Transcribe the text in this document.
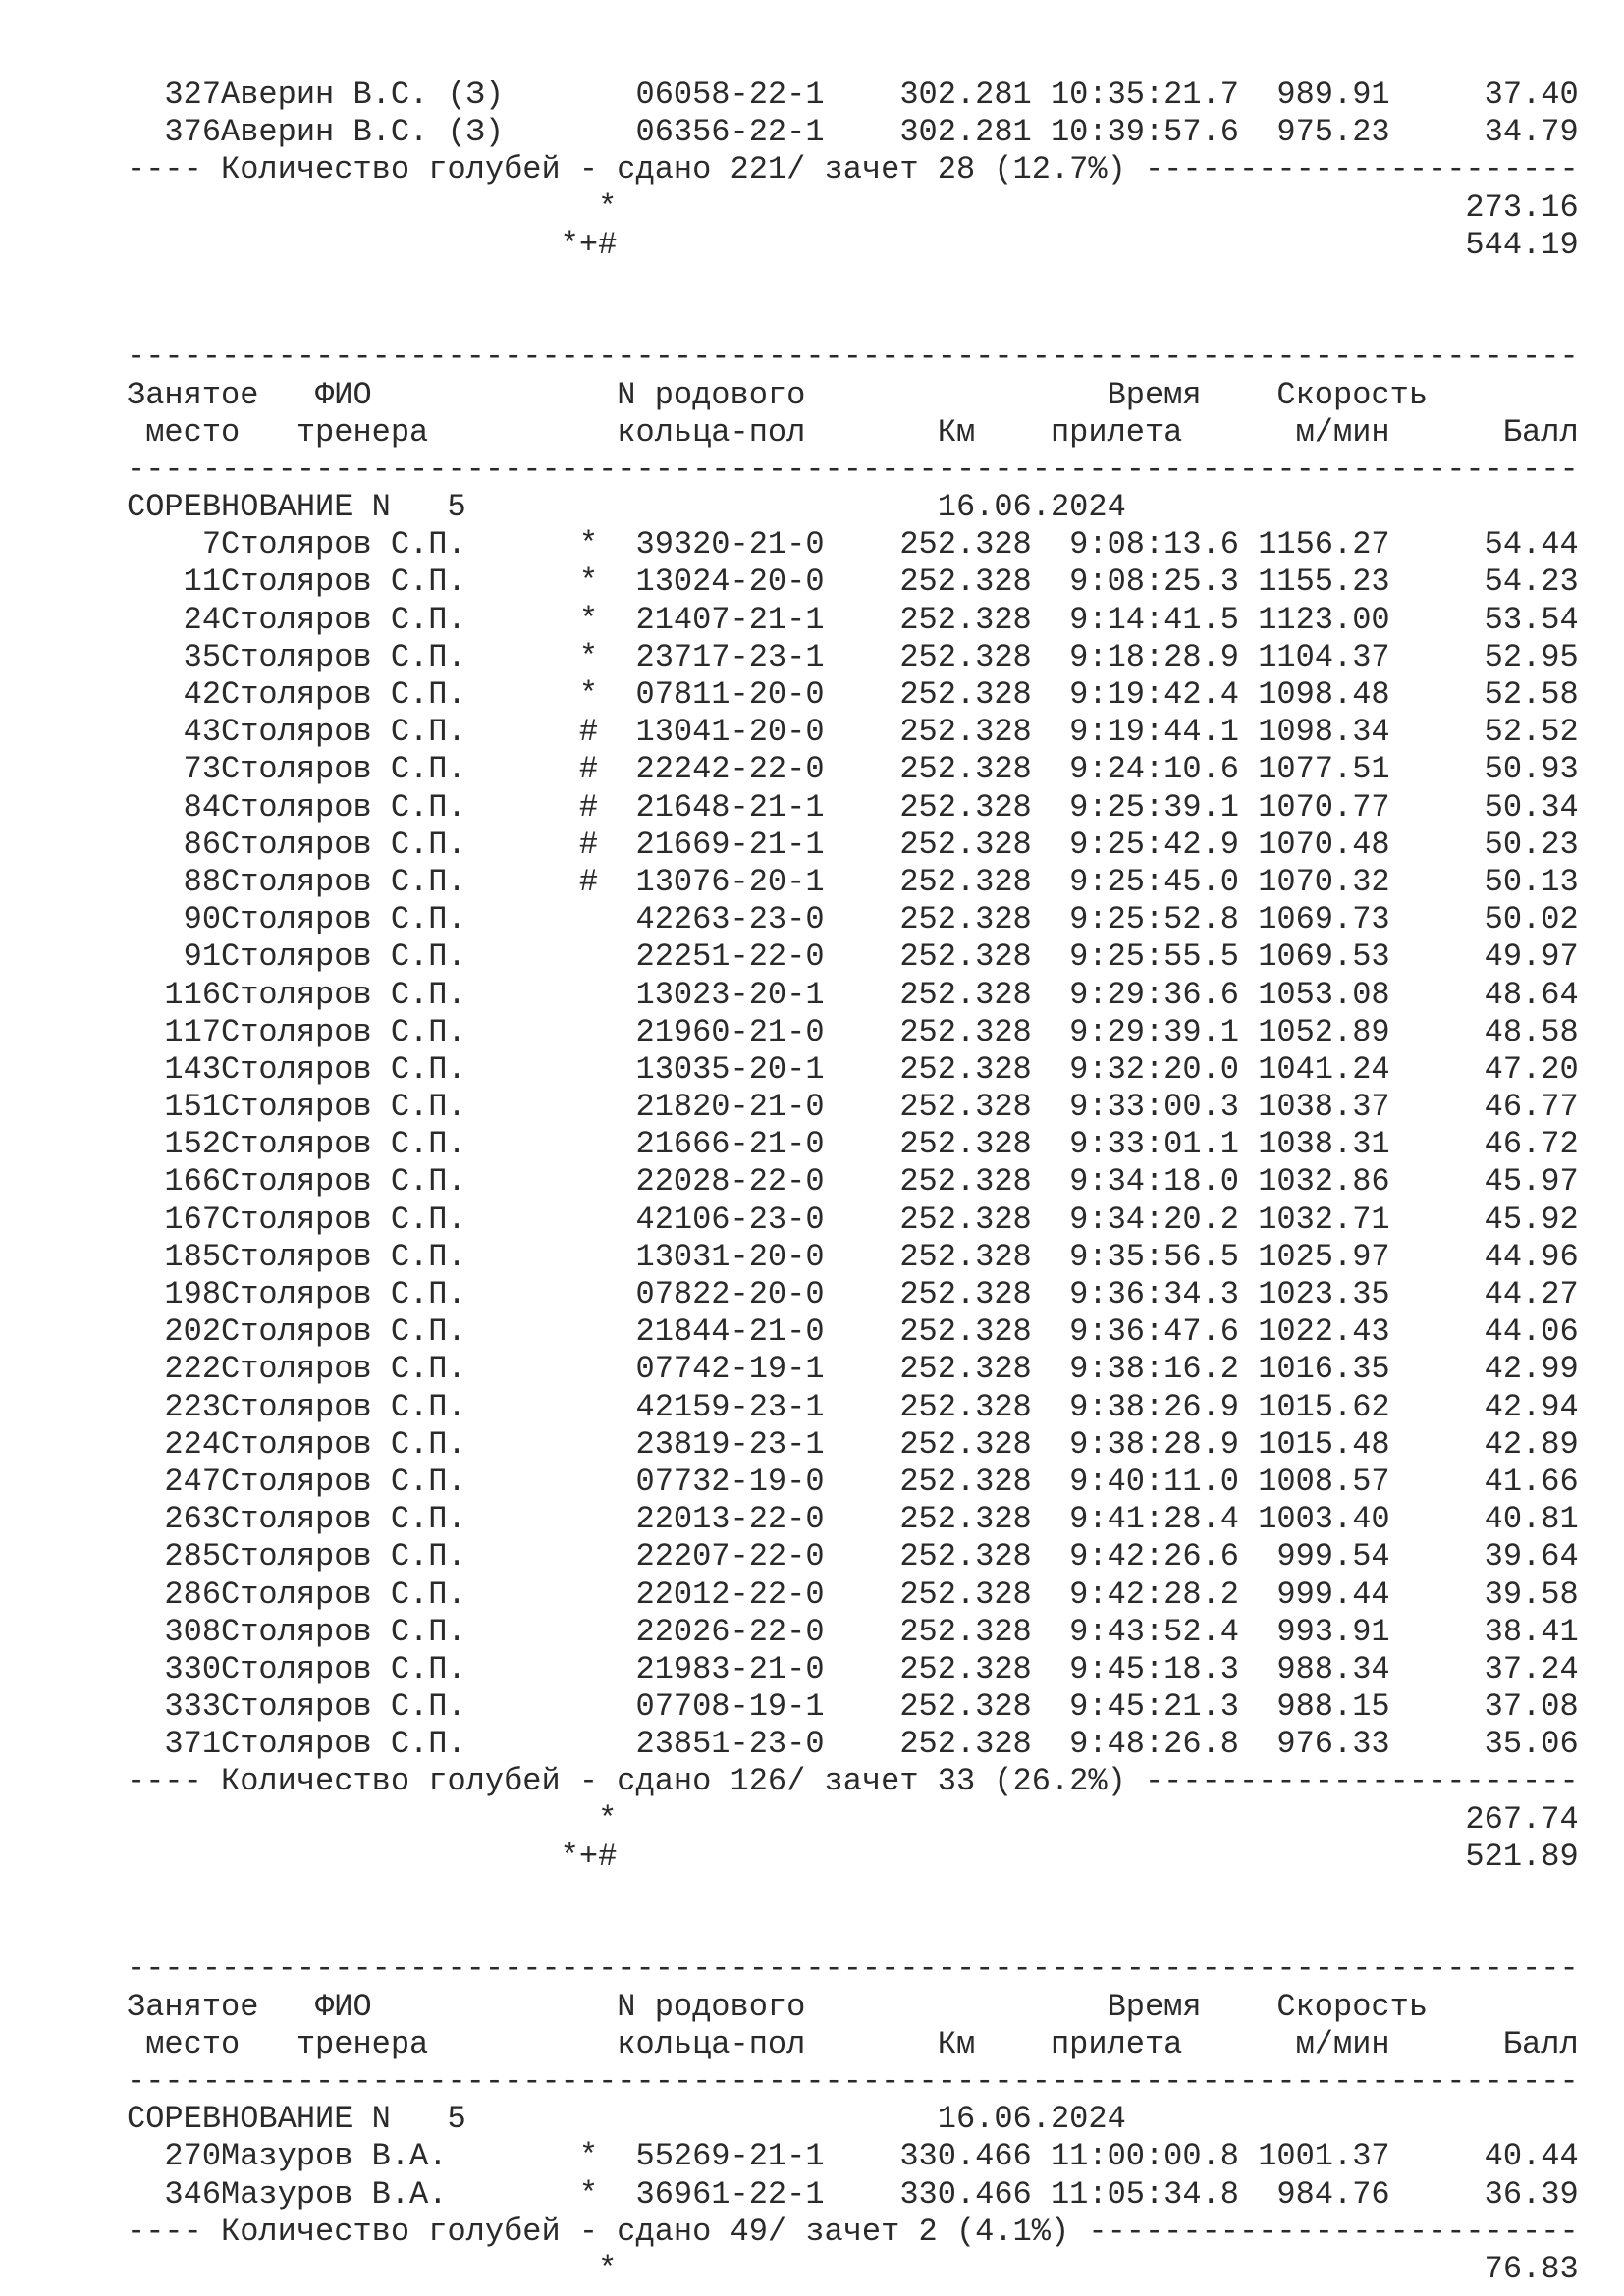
327Аверин В.С. (З)	06058-22-1 302.281 10:35:21.7  989.91     37.40
376Аверин В.С. (З)	06356-22-1 302.281 10:39:57.6  975.23     34.79
---- Количество голубей - сдано 221/ зачет 28 (12.7%) -----------------------
*	273.16
*+#	544.19
-----------------------------------------------------------------------------
Занятое ФИО	N родового	Время Скорость
место тренера	кольца-пол	Км прилета	м/мин	Балл
-----------------------------------------------------------------------------
СОРЕВНОВАНИЕ N   5	16.06.2024
7Столяров С.П.	* 39320-21-0 252.328  9:08:13.6 1156.27     54.44
11Столяров С.П.	* 13024-20-0 252.328  9:08:25.3 1155.23     54.23
24Столяров С.П.	* 21407-21-1 252.328  9:14:41.5 1123.00     53.54
35Столяров С.П.	* 23717-23-1 252.328  9:18:28.9 1104.37     52.95
42Столяров С.П.	* 07811-20-0 252.328  9:19:42.4 1098.48     52.58
43Столяров С.П.	# 13041-20-0 252.328  9:19:44.1 1098.34     52.52
73Столяров С.П.	# 22242-22-0 252.328  9:24:10.6 1077.51     50.93
84Столяров С.П.	# 21648-21-1 252.328  9:25:39.1 1070.77     50.34
86Столяров С.П.	# 21669-21-1 252.328  9:25:42.9 1070.48     50.23
88Столяров С.П.	# 13076-20-1 252.328  9:25:45.0 1070.32     50.13
90Столяров С.П.	42263-23-0 252.328  9:25:52.8 1069.73     50.02
91Столяров С.П.	22251-22-0 252.328  9:25:55.5 1069.53     49.97
116Столяров С.П.	13023-20-1 252.328  9:29:36.6 1053.08     48.64
117Столяров С.П.	21960-21-0 252.328  9:29:39.1 1052.89     48.58
143Столяров С.П.	13035-20-1 252.328  9:32:20.0 1041.24     47.20
151Столяров С.П.	21820-21-0 252.328  9:33:00.3 1038.37     46.77
152Столяров С.П.	21666-21-0 252.328  9:33:01.1 1038.31     46.72
166Столяров С.П.	22028-22-0 252.328  9:34:18.0 1032.86     45.97
167Столяров С.П.	42106-23-0 252.328  9:34:20.2 1032.71     45.92
185Столяров С.П.	13031-20-0 252.328  9:35:56.5 1025.97     44.96
198Столяров С.П.	07822-20-0 252.328  9:36:34.3 1023.35     44.27
202Столяров С.П.	21844-21-0 252.328  9:36:47.6 1022.43     44.06
222Столяров С.П.	07742-19-1 252.328  9:38:16.2 1016.35     42.99
223Столяров С.П.	42159-23-1 252.328  9:38:26.9 1015.62     42.94
224Столяров С.П.	23819-23-1 252.328  9:38:28.9 1015.48     42.89
247Столяров С.П.	07732-19-0 252.328  9:40:11.0 1008.57     41.66
263Столяров С.П.	22013-22-0 252.328  9:41:28.4 1003.40     40.81
285Столяров С.П.	22207-22-0 252.328  9:42:26.6  999.54     39.64
286Столяров С.П.	22012-22-0 252.328  9:42:28.2  999.44     39.58
308Столяров С.П.	22026-22-0 252.328  9:43:52.4  993.91     38.41
330Столяров С.П.	21983-21-0 252.328  9:45:18.3  988.34     37.24
333Столяров С.П.	07708-19-1 252.328  9:45:21.3  988.15     37.08
371Столяров С.П.	23851-23-0 252.328  9:48:26.8  976.33     35.06
---- Количество голубей - сдано 126/ зачет 33 (26.2%) -----------------------
*	267.74
*+#	521.89
-----------------------------------------------------------------------------
Занятое ФИО	N родового	Время Скорость
место тренера	кольца-пол	Км прилета	м/мин	Балл
-----------------------------------------------------------------------------
СОРЕВНОВАНИЕ N   5	16.06.2024
270Мазуров В.А.	* 55269-21-1 330.466 11:00:00.8 1001.37     40.44
346Мазуров В.А.	* 36961-22-1 330.466 11:05:34.8  984.76     36.39
---- Количество голубей - сдано 49/ зачет 2 (4.1%) --------------------------
*	76.83
